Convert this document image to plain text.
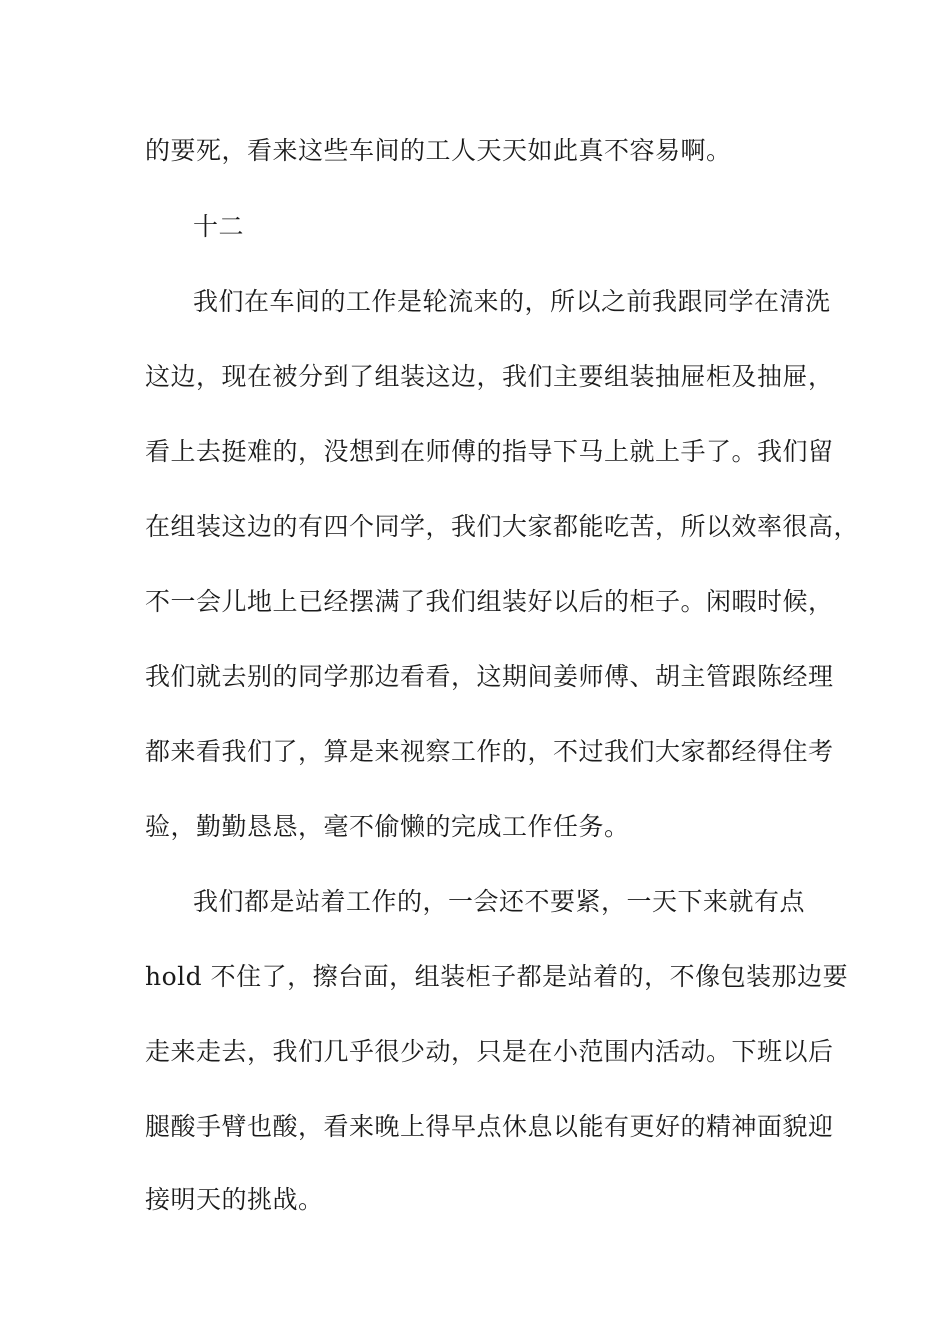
的要死，看来这些车间的工人天天如此真不容易啊。
十二
我们在车间的工作是轮流来的，所以之前我跟同学在清洗
这边，现在被分到了组装这边，我们主要组装抽屉柜及抽屉，
看上去挺难的，没想到在师傅的指导下马上就上手了。我们留
在组装这边的有四个同学，我们大家都能吃苦，所以效率很高，
不一会儿地上已经摆满了我们组装好以后的柜子。闲暇时候，
我们就去别的同学那边看看，这期间姜师傅、胡主管跟陈经理
都来看我们了，算是来视察工作的，不过我们大家都经得住考
验，勤勤恳恳，毫不偷懒的完成工作任务。
我们都是站着工作的，一会还不要紧，一天下来就有点
hold 不住了，擦台面，组装柜子都是站着的，不像包装那边要
走来走去，我们几乎很少动，只是在小范围内活动。下班以后
腿酸手臂也酸，看来晚上得早点休息以能有更好的精神面貌迎
接明天的挑战。
